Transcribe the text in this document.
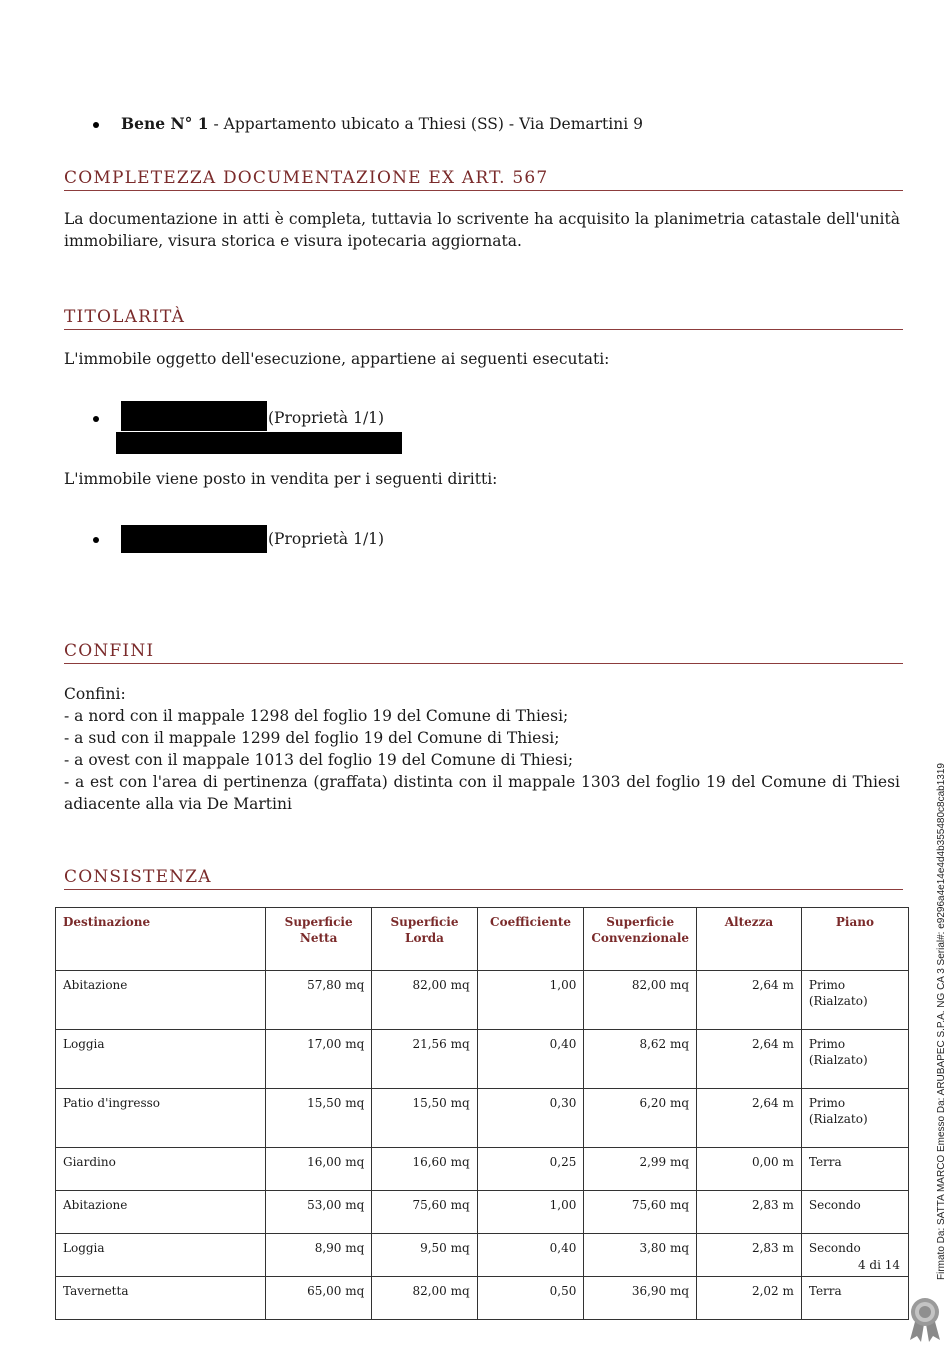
Bene N° 1 - Appartamento ubicato a Thiesi (SS) - Via Demartini 9
COMPLETEZZA DOCUMENTAZIONE EX ART. 567
La documentazione in atti è completa, tuttavia lo scrivente ha acquisito la planimetria catastale dell'unità immobiliare, visura storica e visura ipotecaria aggiornata.
TITOLARITÀ
L'immobile oggetto dell'esecuzione, appartiene ai seguenti esecutati:
(Proprietà 1/1)
L'immobile viene posto in vendita per i seguenti diritti:
(Proprietà 1/1)
CONFINI
Confini:
- a nord con il mappale 1298 del foglio 19 del Comune di Thiesi;
- a sud con il mappale 1299 del foglio 19 del Comune di Thiesi;
- a ovest con il mappale 1013 del foglio 19 del Comune di Thiesi;
- a est con l'area di pertinenza (graffata) distinta con il mappale 1303 del foglio 19 del Comune di Thiesi adiacente alla via De Martini
CONSISTENZA
Destinazione	Superficie Netta	Superficie Lorda	Coefficiente	Superficie Convenzionale	Altezza	Piano
Abitazione	57,80 mq	82,00 mq	1,00	82,00 mq	2,64 m	Primo (Rialzato)
Loggia	17,00 mq	21,56 mq	0,40	8,62 mq	2,64 m	Primo (Rialzato)
Patio d'ingresso	15,50 mq	15,50 mq	0,30	6,20 mq	2,64 m	Primo (Rialzato)
Giardino	16,00 mq	16,60 mq	0,25	2,99 mq	0,00 m	Terra
Abitazione	53,00 mq	75,60 mq	1,00	75,60 mq	2,83 m	Secondo
Loggia	8,90 mq	9,50 mq	0,40	3,80 mq	2,83 m	Secondo
Tavernetta	65,00 mq	82,00 mq	0,50	36,90 mq	2,02 m	Terra
4 di 14	Firmato Da: SATTA MARCO Emesso Da: ARUBAPEC S.P.A. NG CA 3 Serial#: e9296a4e14e4d4b355480c8cab1319
